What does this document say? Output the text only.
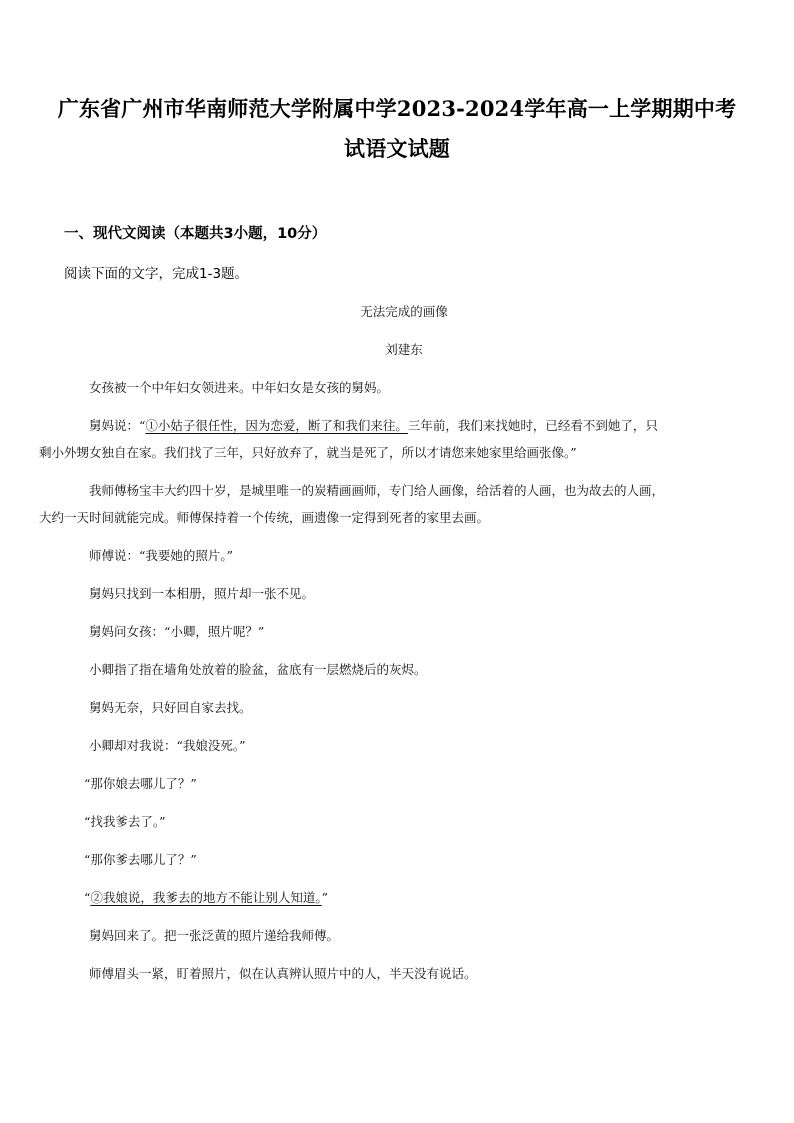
广东省广州市华南师范大学附属中学2023-2024学年高一上学期期中考
试语文试题
一、现代文阅读（本题共3小题，10分）
阅读下面的文字，完成1-3题。
无法完成的画像
刘建东

女孩被一个中年妇女领进来。中年妇女是女孩的舅妈。

舅妈说：“①小姑子很任性，因为恋爱，断了和我们来往。三年前，我们来找她时，已经看不到她了，只
剩小外甥女独自在家。我们找了三年，只好放弃了，就当是死了，所以才请您来她家里给画张像。”

我师傅杨宝丰大约四十岁，是城里唯一的炭精画画师，专门给人画像，给活着的人画，也为故去的人画，
大约一天时间就能完成。师傅保持着一个传统，画遗像一定得到死者的家里去画。

师傅说：“我要她的照片。”

舅妈只找到一本相册，照片却一张不见。

舅妈问女孩：“小卿，照片呢？”

小卿指了指在墙角处放着的脸盆，盆底有一层燃烧后的灰烬。

舅妈无奈，只好回自家去找。

小卿却对我说：“我娘没死。”

“那你娘去哪儿了？”

“找我爹去了。”

“那你爹去哪儿了？”

“②我娘说，我爹去的地方不能让别人知道。”

舅妈回来了。把一张泛黄的照片递给我师傅。

师傅眉头一紧，盯着照片，似在认真辨认照片中的人，半天没有说话。
